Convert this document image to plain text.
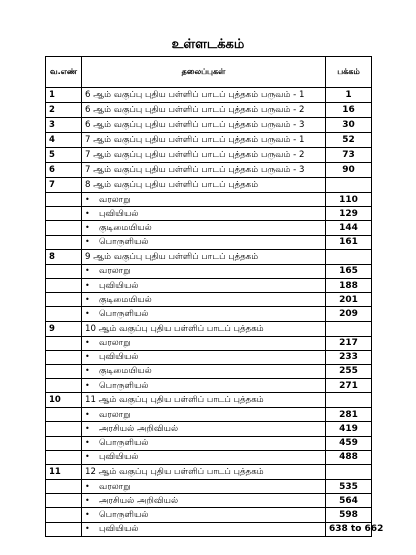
உள்ளடக்கம்
வ.எண்	தலைப்புகள்	பக்கம்
1	6 ஆம் வகுப்பு புதிய பள்ளிப் பாடப் புத்தகம் பருவம் - 1	1
2	6 ஆம் வகுப்பு புதிய பள்ளிப் பாடப் புத்தகம் பருவம் - 2	16
3	6 ஆம் வகுப்பு புதிய பள்ளிப் பாடப் புத்தகம் பருவம் - 3	30
4	7 ஆம் வகுப்பு புதிய பள்ளிப் பாடப் புத்தகம் பருவம் - 1	52
5	7 ஆம் வகுப்பு புதிய பள்ளிப் பாடப் புத்தகம் பருவம் - 2	73
6	7 ஆம் வகுப்பு புதிய பள்ளிப் பாடப் புத்தகம் பருவம் - 3	90
7	8 ஆம் வகுப்பு புதிய பள்ளிப் பாடப் புத்தகம்	
	• வரலாறு	110
	• புவியியல்	129
	• குடிமையியல்	144
	• பொருளியல்	161
8	9 ஆம் வகுப்பு புதிய பள்ளிப் பாடப் புத்தகம்	
	• வரலாறு	165
	• புவியியல்	188
	• குடிமையியல்	201
	• பொருளியல்	209
9	10 ஆம் வகுப்பு புதிய பள்ளிப் பாடப் புத்தகம்	
	• வரலாறு	217
	• புவியியல்	233
	• குடிமையியல்	255
	• பொருளியல்	271
10	11 ஆம் வகுப்பு புதிய பள்ளிப் பாடப் புத்தகம்	
	• வரலாறு	281
	• அரசியல் அறிவியல்	419
	• பொருளியல்	459
	• புவியியல்	488
11	12 ஆம் வகுப்பு புதிய பள்ளிப் பாடப் புத்தகம்	
	• வரலாறு	535
	• அரசியல் அறிவியல்	564
	• பொருளியல்	598
	• புவியியல்	638 to 662
